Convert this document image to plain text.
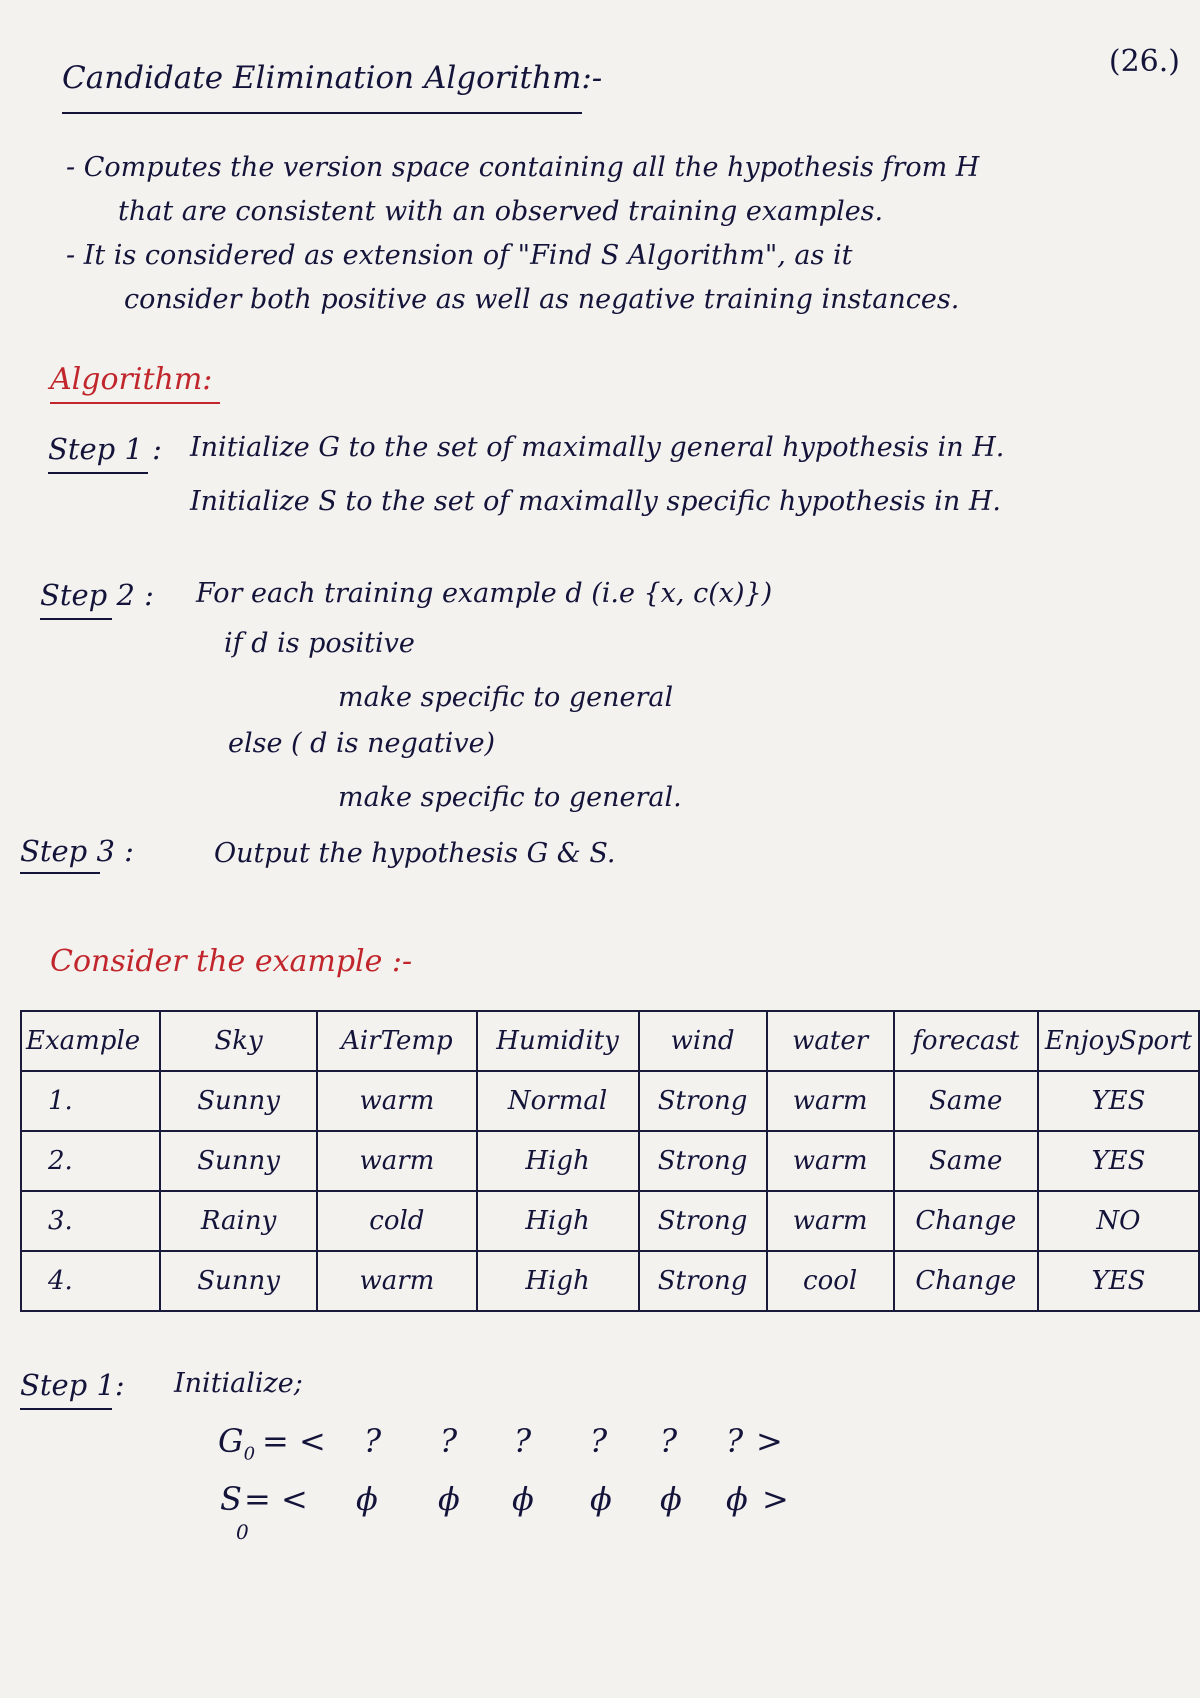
(26.)
Candidate Elimination Algorithm:-
- Computes the version space containing all the hypothesis from H
that are consistent with an observed training examples.
- It is considered as extension of "Find S Algorithm", as it
consider both positive as well as negative training instances.
Algorithm:
Step 1 : Initialize G to the set of maximally general hypothesis in H.
Initialize S to the set of maximally specific hypothesis in H.
Step 2 : For each training example d (i.e {x, c(x)})
if d is positive
make specific to general
else ( d is negative)
make specific to general.
Step 3 :	Output the hypothesis G & S.
Consider the example :-
Example	Sky	AirTemp	Humidity	wind	water	forecast	EnjoySport
1.	Sunny	warm	Normal	Strong	warm	Same	YES
2.	Sunny	warm	High	Strong	warm	Same	YES
3.	Rainy	cold	High	Strong	warm	Change	NO
4.	Sunny	warm	High	Strong	cool	Change	YES
Step 1: Initialize;
$G_0$ = < ? ? ? ? ? ? >
S
0
= < ϕ ϕ ϕ ϕ ϕ ϕ >
